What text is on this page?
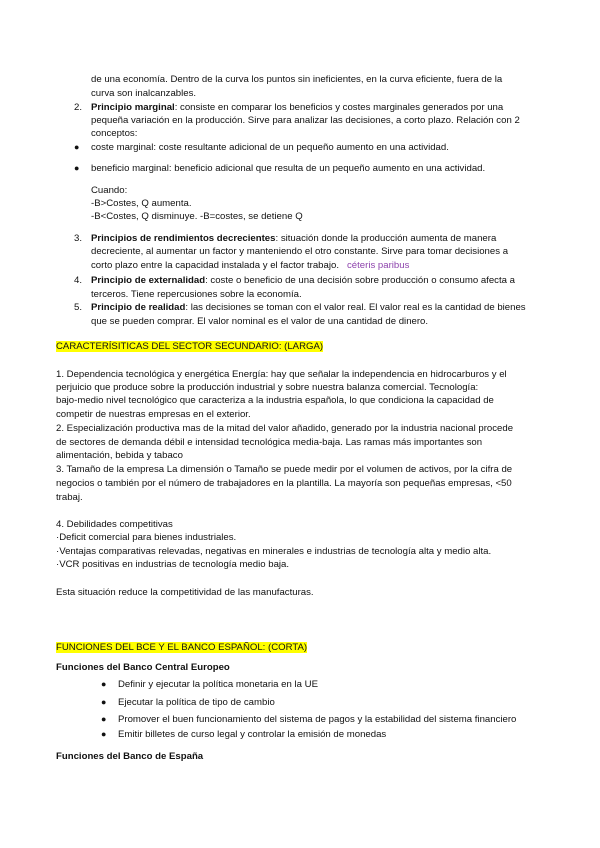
de una economía. Dentro de la curva los puntos sin ineficientes, en la curva eficiente, fuera de la
curva son inalcanzables.
2. Principio marginal: consiste en comparar los beneficios y costes marginales generados por una
pequeña variación en la producción. Sirve para analizar las decisiones, a corto plazo. Relación con 2
conceptos:
● coste marginal: coste resultante adicional de un pequeño aumento en una actividad.
● beneficio marginal: beneficio adicional que resulta de un pequeño aumento en una actividad.
Cuando:
-B>Costes, Q aumenta.
-B<Costes, Q disminuye. -B=costes, se detiene Q
3. Principios de rendimientos decrecientes: situación donde la producción aumenta de manera
decreciente, al aumentar un factor y manteniendo el otro constante. Sirve para tomar decisiones a
corto plazo entre la capacidad instalada y el factor trabajo. céteris paribus
4. Principio de externalidad: coste o beneficio de una decisión sobre producción o consumo afecta a
terceros. Tiene repercusiones sobre la economía.
5. Principio de realidad: las decisiones se toman con el valor real. El valor real es la cantidad de bienes
que se pueden comprar. El valor nominal es el valor de una cantidad de dinero.
CARACTERÍSITICAS DEL SECTOR SECUNDARIO: (LARGA)
1. Dependencia tecnológica y energética Energía: hay que señalar la independencia en hidrocarburos y el
perjuicio que produce sobre la producción industrial y sobre nuestra balanza comercial. Tecnología:
bajo-medio nivel tecnológico que caracteriza a la industria española, lo que condiciona la capacidad de
competir de nuestras empresas en el exterior.
2. Especialización productiva mas de la mitad del valor añadido, generado por la industria nacional procede
de sectores de demanda débil e intensidad tecnológica media-baja. Las ramas más importantes son
alimentación, bebida y tabaco
3. Tamaño de la empresa La dimensión o Tamaño se puede medir por el volumen de activos, por la cifra de
negocios o también por el número de trabajadores en la plantilla. La mayoría son pequeñas empresas, <50
trabaj.
4. Debilidades competitivas
·Deficit comercial para bienes industriales.
·Ventajas comparativas relevadas, negativas en minerales e industrias de tecnología alta y medio alta.
·VCR positivas en industrias de tecnología medio baja.
Esta situación reduce la competitividad de las manufacturas.
FUNCIONES DEL BCE Y EL BANCO ESPAÑOL: (CORTA)
Funciones del Banco Central Europeo
● Definir y ejecutar la política monetaria en la UE
● Ejecutar la política de tipo de cambio
● Promover el buen funcionamiento del sistema de pagos y la estabilidad del sistema financiero
● Emitir billetes de curso legal y controlar la emisión de monedas
Funciones del Banco de España
